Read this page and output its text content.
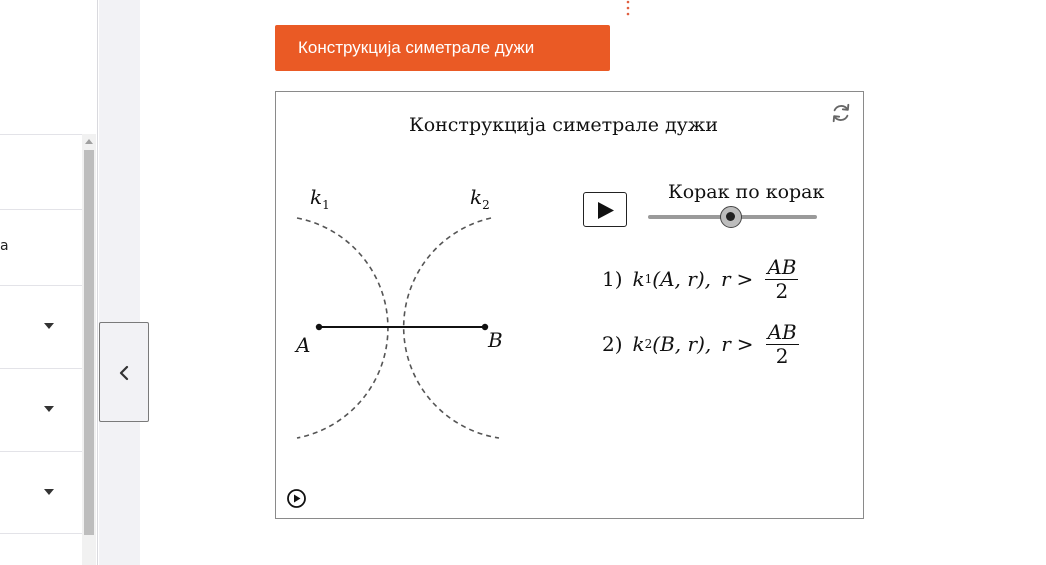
а
Конструкција симетрале дужи
Конструкција симетрале дужи
$k_1$	$k_2$
A	B
Корак по корак
1) k 1 (A, r), $r > \frac{AB}{2}$
2) k 2 (B, r), $r > \frac{AB}{2}$
